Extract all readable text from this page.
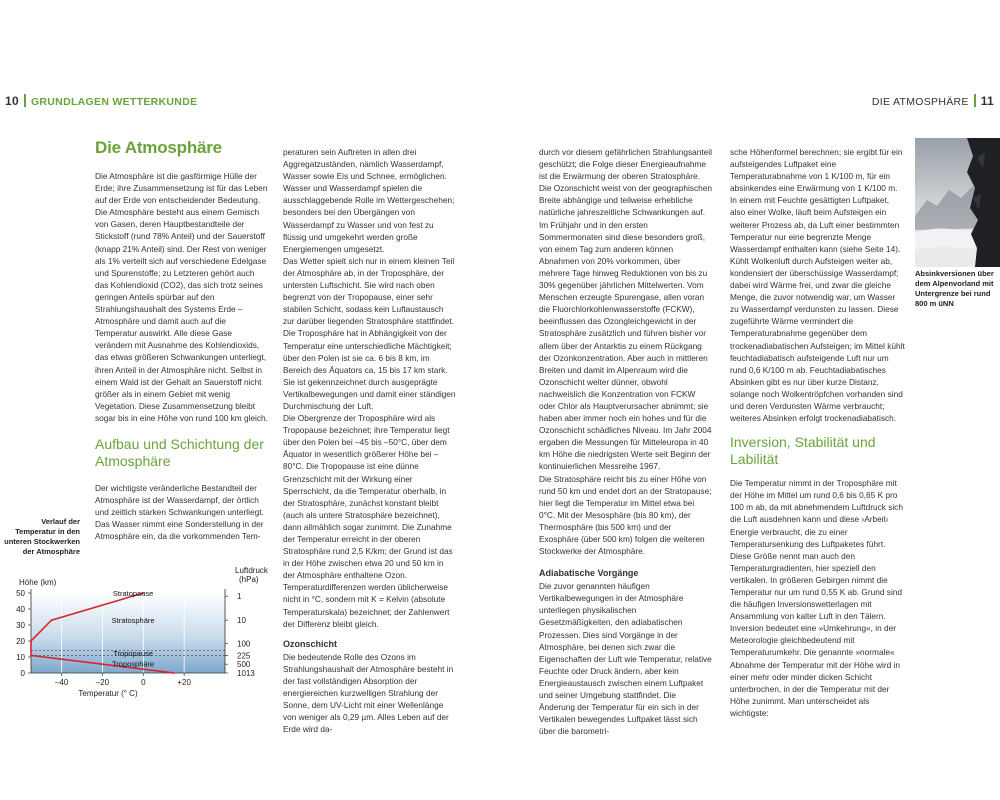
10 GRUNDLAGEN WETTERKUNDE	DIE ATMOSPHÄRE 11
Die Atmosphäre

Die Atmosphäre ist die gasförmige Hülle der Erde; ihre Zusammensetzung ist für das Leben auf der Erde von entscheidender Bedeutung. Die Atmosphäre besteht aus einem Gemisch von Gasen, deren Hauptbestandteile der Stickstoff (rund 78% Anteil) und der Sauerstoff (knapp 21% Anteil) sind. Der Rest von weniger als 1% verteilt sich auf verschiedene Edelgase und Spurenstoffe; zu Letzteren gehört auch das Kohlendioxid (CO2), das sich trotz seines geringen Anteils spürbar auf den Strahlungshaushalt des Systems Erde – Atmosphäre und damit auch auf die Temperatur auswirkt. Alle diese Gase verändern mit Ausnahme des Kohlendioxids, das etwas größeren Schwankungen unterliegt, ihren Anteil in der Atmosphäre nicht. Selbst in einem Wald ist der Gehalt an Sauerstoff nicht größer als in einem Gebiet mit wenig Vegetation. Diese Zusammensetzung bleibt sogar bis in eine Höhe von rund 100 km gleich.

Aufbau und Schichtung der Atmosphäre

Der wichtigste veränderliche Bestandteil der Atmosphäre ist der Wasserdampf, der örtlich und zeitlich starken Schwankungen unterliegt. Das Wasser nimmt eine Sonderstellung in der Atmosphäre ein, da die vorkommenden Tem-

peraturen sein Auftreten in allen drei Aggregatzuständen, nämlich Wasserdampf, Wasser sowie Eis und Schnee, ermöglichen. Wasser und Wasserdampf spielen die ausschlaggebende Rolle im Wettergeschehen; besonders bei den Übergängen von Wasserdampf zu Wasser und von fest zu flüssig und umgekehrt werden große Energiemengen umgesetzt.

Das Wetter spielt sich nur in einem kleinen Teil der Atmosphäre ab, in der Troposphäre, der untersten Luftschicht. Sie wird nach oben begrenzt von der Tropopause, einer sehr stabilen Schicht, sodass kein Luftaustausch zur darüber liegenden Stratosphäre stattfindet. Die Troposphäre hat in Abhängigkeit von der Temperatur eine unterschiedliche Mächtigkeit; über den Polen ist sie ca. 6 bis 8 km, im Bereich des Äquators ca. 15 bis 17 km stark. Sie ist gekennzeichnet durch ausgeprägte Vertikalbewegungen und damit einer ständigen Durchmischung der Luft.

Die Obergrenze der Troposphäre wird als Tropopause bezeichnet; ihre Temperatur liegt über den Polen bei –45 bis –50°C, über dem Äquator in wesentlich größerer Höhe bei –80°C. Die Tropopause ist eine dünne Grenzschicht mit der Wirkung einer Sperrschicht, da die Temperatur oberhalb, in der Stratosphäre, zunächst konstant bleibt (auch als untere Stratosphäre bezeichnet), dann allmählich sogar zunimmt. Die Zunahme der Temperatur erreicht in der oberen Stratosphäre rund 2,5 K/km; der Grund ist das in der Höhe zwischen etwa 20 und 50 km in der Atmosphäre enthaltene Ozon. Temperaturdifferenzen werden üblicherweise nicht in °C, sondern mit K = Kelvin (absolute Temperaturskala) bezeichnet; der Zahlenwert der Differenz bleibt gleich.

Ozonschicht

Die bedeutende Rolle des Ozons im Strahlungshaushalt der Atmosphäre besteht in der fast vollständigen Absorption der energiereichen kurzwelligen Strahlung der Sonne, dem UV-Licht mit einer Wellenlänge von weniger als 0,29 µm. Alles Leben auf der Erde wird da-

durch vor diesem gefährlichen Strahlungsanteil geschützt; die Folge dieser Energieaufnahme ist die Erwärmung der oberen Stratosphäre.

Die Ozonschicht weist von der geographischen Breite abhängige und teilweise erhebliche natürliche jahreszeitliche Schwankungen auf. Im Frühjahr und in den ersten Sommermonaten sind diese besonders groß, von einem Tag zum anderen können Abnahmen von 20% vorkommen, über mehrere Tage hinweg Reduktionen von bis zu 30% gegenüber jährlichen Mittelwerten. Vom Menschen erzeugte Spurengase, allen voran die Fluorchlorkohlenwasserstoffe (FCKW), beeinflussen das Ozongleichgewicht in der Stratosphäre zusätzlich und führen bisher vor allem über der Antarktis zu einem Rückgang der Ozonkonzentration. Aber auch in mittleren Breiten und damit im Alpenraum wird die Ozonschicht weiter dünner, obwohl nachweislich die Konzentration von FCKW oder Chlor als Hauptverursacher abnimmt; sie haben aber immer noch ein hohes und für die Ozonschicht schädliches Niveau. Im Jahr 2004 ergaben die Messungen für Mitteleuropa in 40 km Höhe die niedrigsten Werte seit Beginn der kontinuierlichen Messreihe 1967.

Die Stratosphäre reicht bis zu einer Höhe von rund 50 km und endet dort an der Stratopause; hier liegt die Temperatur im Mittel etwa bei 0°C. Mit der Mesosphäre (bis 80 km), der Thermosphäre (bis 500 km) und der Exosphäre (über 500 km) folgen die weiteren Stockwerke der Atmosphäre.

Adiabatische Vorgänge

Die zuvor genannten häufigen Vertikalbewegungen in der Atmosphäre unterliegen physikalischen Gesetzmäßigkeiten, den adiabatischen Prozessen. Dies sind Vorgänge in der Atmosphäre, bei denen sich zwar die Eigenschaften der Luft wie Temperatur, relative Feuchte oder Druck ändern, aber kein Energieaustausch zwischen einem Luftpaket und seiner Umgebung stattfindet. Die Änderung der Temperatur für ein sich in der Vertikalen bewegendes Luftpaket lässt sich über die barometri-

sche Höhenformel berechnen; sie ergibt für ein aufsteigendes Luftpaket eine Temperaturabnahme von 1 K/100 m, für ein absinkendes eine Erwärmung von 1 K/100 m. In einem mit Feuchte gesättigten Luftpaket, also einer Wolke, läuft beim Aufsteigen ein weiterer Prozess ab, da Luft einer bestimmten Temperatur nur eine begrenzte Menge Wasserdampf enthalten kann (siehe Seite 14). Kühlt Wolkenluft durch Aufsteigen weiter ab, kondensiert der überschüssige Wasserdampf; dabei wird Wärme frei, und zwar die gleiche Menge, die zuvor notwendig war, um Wasser zu Wasserdampf verdunsten zu lassen. Diese zugeführte Wärme vermindert die Temperaturabnahme gegenüber dem trockenadiabatischen Aufsteigen; im Mittel kühlt feuchtadiabatisch aufsteigende Luft nur um rund 0,6 K/100 m ab. Feuchtadiabatisches Absinken gibt es nur über kurze Distanz, solange noch Wolkentröpfchen vorhanden sind und deren Verdunsten Wärme verbraucht; weiteres Absinken erfolgt trockenadiabatisch.

Inversion, Stabilität und Labilität

Die Temperatur nimmt in der Troposphäre mit der Höhe im Mittel um rund 0,6 bis 0,65 K pro 100 m ab, da mit abnehmendem Luftdruck sich die Luft ausdehnen kann und diese ›Arbeit‹ Energie verbraucht, die zu einer Temperatursenkung des Luftpaketes führt. Diese Größe nennt man auch den Temperaturgradienten, hier speziell den vertikalen. In größeren Gebirgen nimmt die Temperatur nur um rund 0,55 K ab. Grund sind die häufigen Inversionswetterlagen mit Ansammlung von kalter Luft in den Tälern. Inversion bedeutet eine »Umkehrung«, in der Meteorologie gleichbedeutend mit Temperaturumkehr. Die genannte »normale« Abnahme der Temperatur mit der Höhe wird in einer mehr oder minder dicken Schicht unterbrochen, in der die Temperatur mit der Höhe zunimmt. Man unterscheidet als wichtigste:

Absinkversionen über dem Alpenvorland mit Untergrenze bei rund 800 m üNN
Verlauf der Temperatur in den unteren Stockwerken der Atmosphäre
0
10
20
30
40
50
–40	–20	0	+20
Höhe (km)
Temperatur (° C)
Luftdruck
(hPa)
1
10
100
225
500
1013
Stratopause
Stratosphäre
Tropopause
Troposphäre
